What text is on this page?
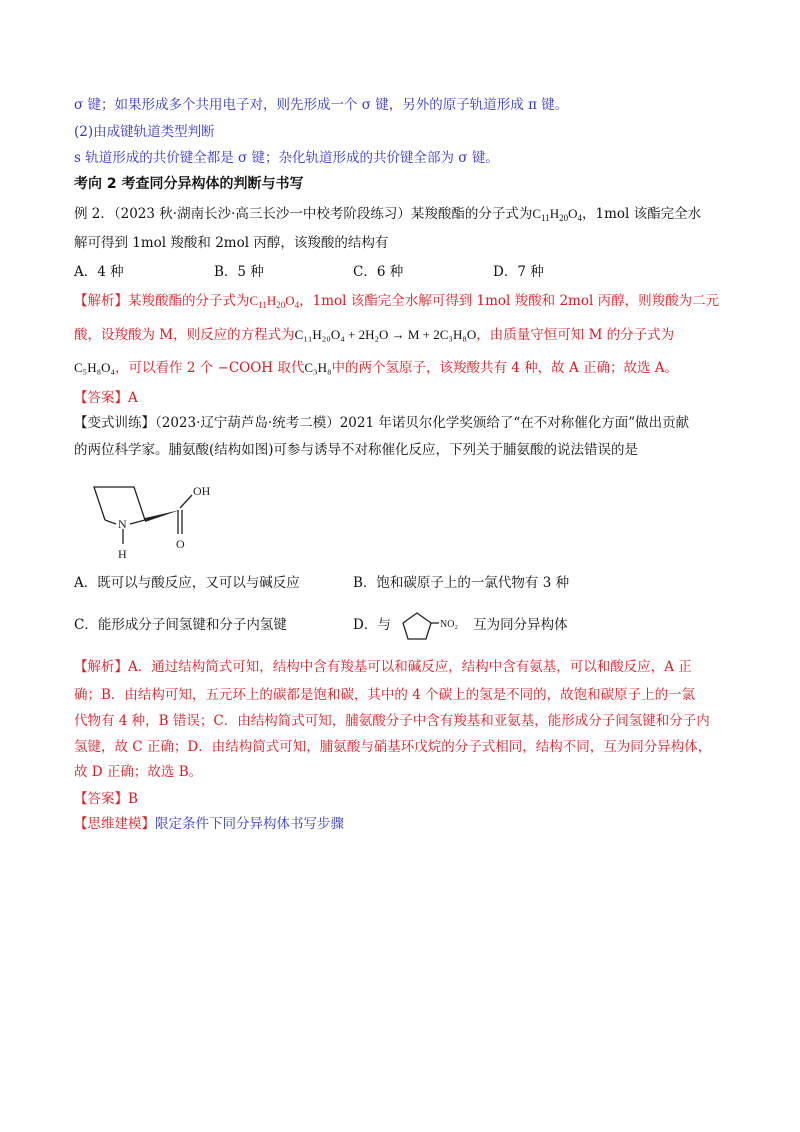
σ 键；如果形成多个共用电子对，则先形成一个 σ 键，另外的原子轨道形成 π 键。
(2)由成键轨道类型判断
s 轨道形成的共价键全都是 σ 键；杂化轨道形成的共价键全部为 σ 键。
考向 2 考查同分异构体的判断与书写
例 2．（2023 秋·湖南长沙·高三长沙一中校考阶段练习）某羧酸酯的分子式为$C_{11}H_{20}O_4$，1mol 该酯完全水
解可得到 1mol 羧酸和 2mol 丙醇，该羧酸的结构有
A．4 种	B．5 种	C．6 种	D．7 种
【解析】某羧酸酯的分子式为$C_{11}H_{20}O_4$，1mol 该酯完全水解可得到 1mol 羧酸和 2mol 丙醇，则羧酸为二元
酸，设羧酸为 M，则反应的方程式为C₁₁H₂₀O₄ + 2H₂O → M + 2C₃H₈O，由质量守恒可知 M 的分子式为
C₅H₈O₄，可以看作 2 个 −COOH 取代C₃H₈中的两个氢原子，该羧酸共有 4 种，故 A 正确；故选 A。
【答案】A
【变式训练】（2023·辽宁葫芦岛·统考二模）2021 年诺贝尔化学奖颁给了“在不对称催化方面”做出贡献
的两位科学家。脯氨酸(结构如图)可参与诱导不对称催化反应，下列关于脯氨酸的说法错误的是
OH
N
H
O
A．既可以与酸反应，又可以与碱反应	B．饱和碳原子上的一氯代物有 3 种
C．能形成分子间氢键和分子内氢键	D．与	NO₂ 互为同分异构体
【解析】A．通过结构简式可知，结构中含有羧基可以和碱反应，结构中含有氨基，可以和酸反应，A 正
确；B．由结构可知，五元环上的碳都是饱和碳，其中的 4 个碳上的氢是不同的，故饱和碳原子上的一氯
代物有 4 种，B 错误；C．由结构简式可知，脯氨酸分子中含有羧基和亚氨基，能形成分子间氢键和分子内
氢键，故 C 正确；D．由结构简式可知，脯氨酸与硝基环戊烷的分子式相同，结构不同，互为同分异构体，
故 D 正确；故选 B。
【答案】B
【思维建模】限定条件下同分异构体书写步骤
